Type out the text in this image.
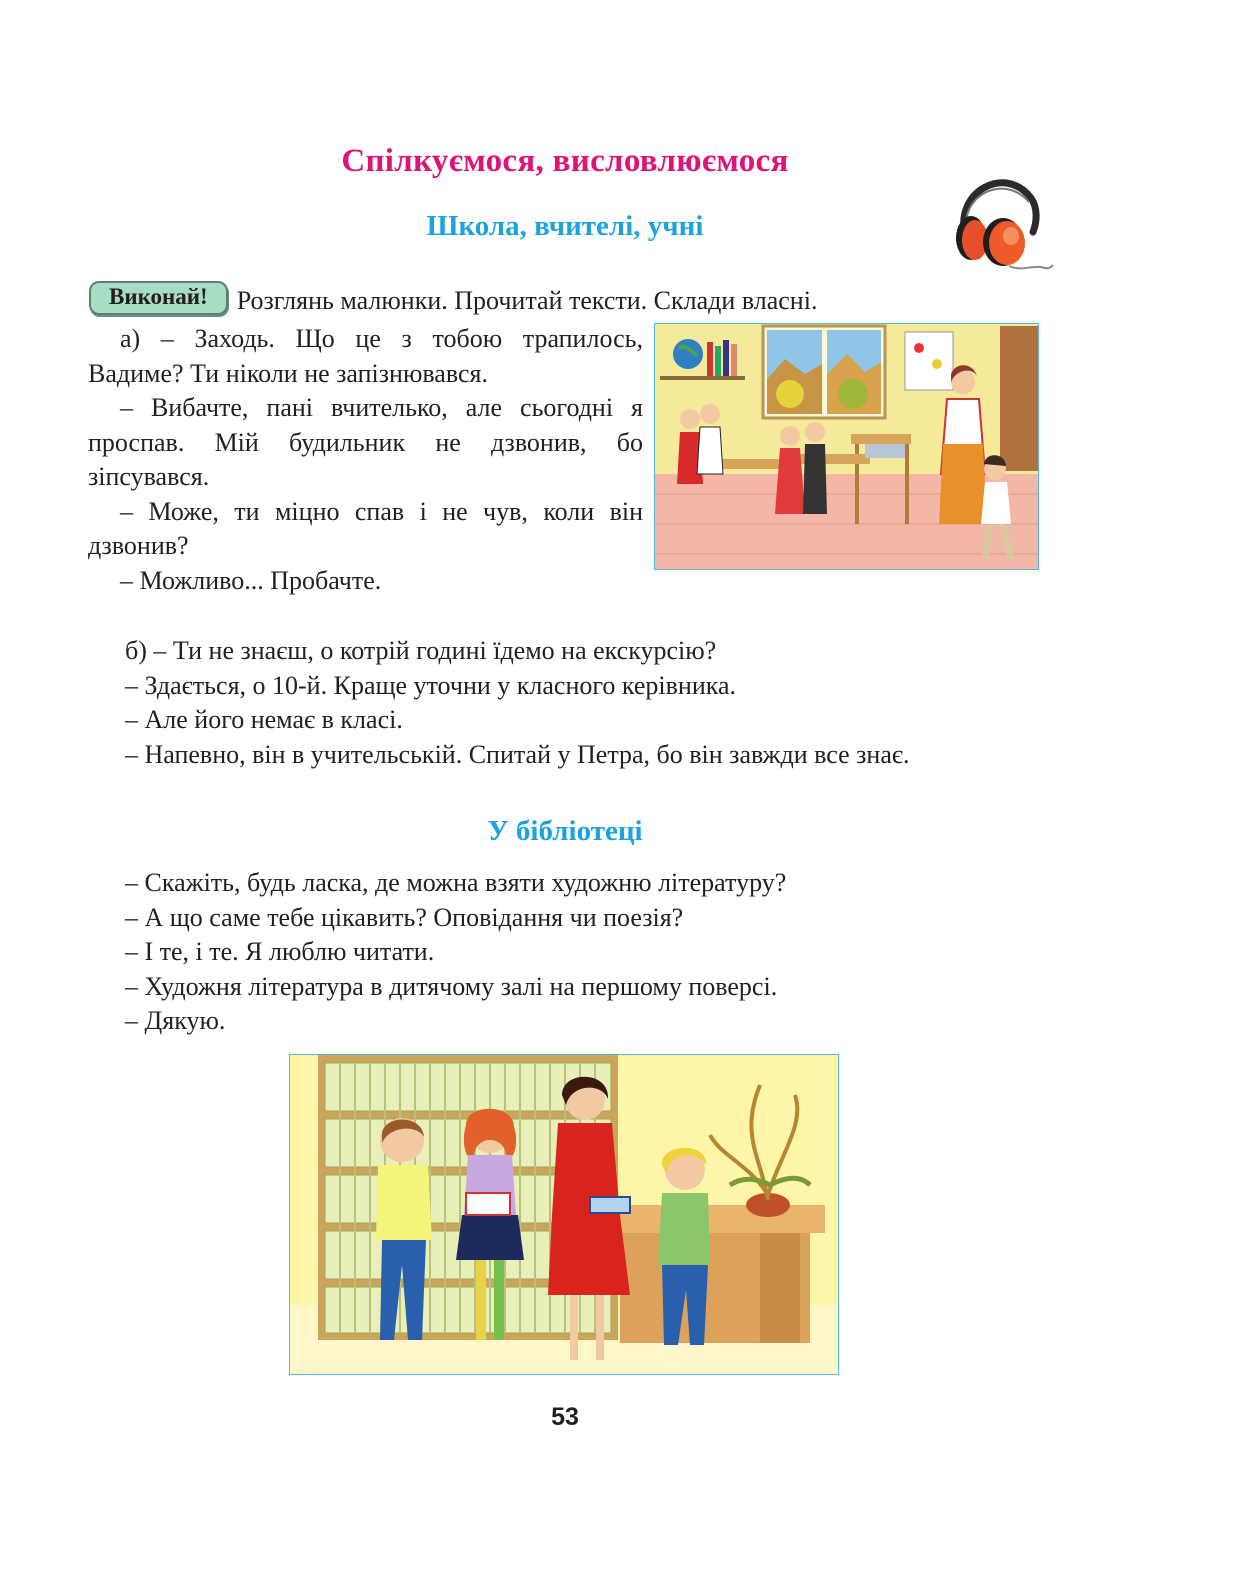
Спілкуємося, висловлюємося
Школа, вчителі, учні
Виконай!	Розглянь малюнки. Прочитай тексти. Склади власні.

а) – Заходь. Що це з тобою трапилось, Вадиме? Ти ніколи не запізнювався.

– Вибачте, пані вчителько, але сьогодні я проспав. Мій будильник не дзвонив, бо зіпсувався.

– Може, ти міцно спав і не чув, коли він дзвонив?

– Можливо... Пробачте.

б) – Ти не знаєш, о котрій годині їдемо на екскурсію?

– Здається, о 10-й. Краще уточни у класного керівника.

– Але його немає в класі.

– Напевно, він в учительській. Спитай у Петра, бо він завжди все знає.

У бібліотеці

– Скажіть, будь ласка, де можна взяти художню літературу?

– А що саме тебе цікавить? Оповідання чи поезія?

– І те, і те. Я люблю читати.

– Художня література в дитячому залі на першому поверсі.

– Дякую.

53
